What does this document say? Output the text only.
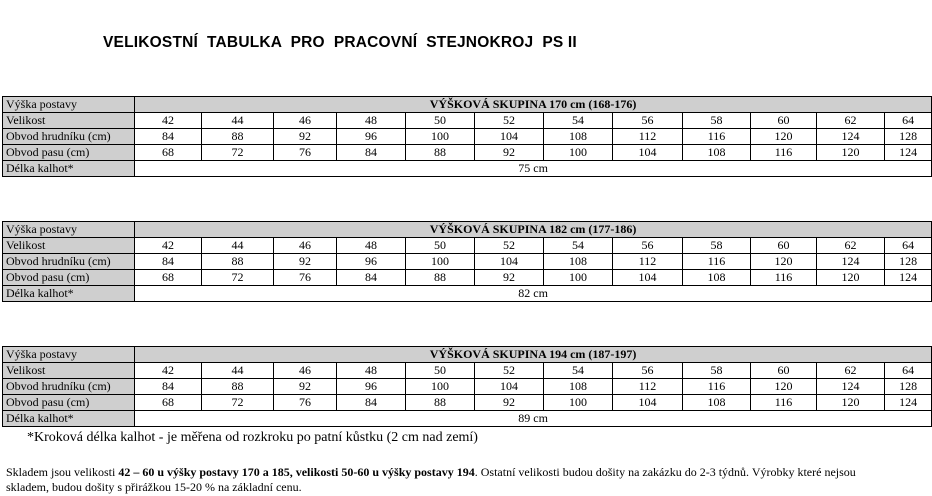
VELIKOSTNÍ  TABULKA  PRO  PRACOVNÍ  STEJNOKROJ  PS II
Výška postavy	VÝŠKOVÁ SKUPINA 170 cm (168-176)											
Velikost	42	44	46	48	50	52	54	56	58	60	62	64
Obvod hrudníku (cm)	84	88	92	96	100	104	108	112	116	120	124	128
Obvod pasu (cm)	68	72	76	84	88	92	100	104	108	116	120	124
Délka kalhot*	75 cm											
Výška postavy	VÝŠKOVÁ SKUPINA 182 cm (177-186)											
Velikost	42	44	46	48	50	52	54	56	58	60	62	64
Obvod hrudníku (cm)	84	88	92	96	100	104	108	112	116	120	124	128
Obvod pasu (cm)	68	72	76	84	88	92	100	104	108	116	120	124
Délka kalhot*	82 cm											
Výška postavy	VÝŠKOVÁ SKUPINA 194 cm (187-197)											
Velikost	42	44	46	48	50	52	54	56	58	60	62	64
Obvod hrudníku (cm)	84	88	92	96	100	104	108	112	116	120	124	128
Obvod pasu (cm)	68	72	76	84	88	92	100	104	108	116	120	124
Délka kalhot*	89 cm											
*Kroková délka kalhot - je měřena od rozkroku po patní kůstku (2 cm nad zemí)
Skladem jsou velikosti 42 – 60 u výšky postavy 170 a 185, velikosti 50-60 u výšky postavy 194. Ostatní velikosti budou došity na zakázku do 2-3 týdnů. Výrobky které nejsou skladem, budou došity s přirážkou 15-20 % na základní cenu.
